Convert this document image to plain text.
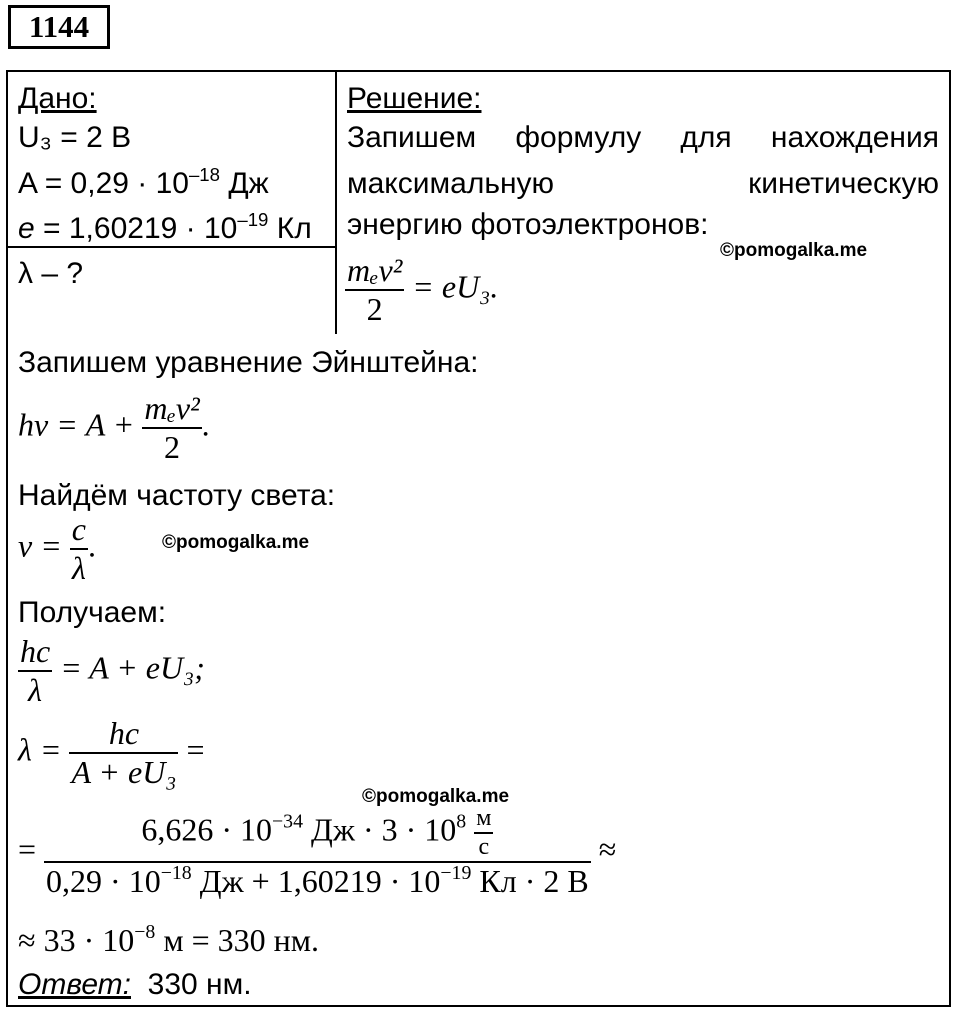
1144
Дано:
U₃ = 2 В
$A = 0,29 \cdot 10^{-18}$ Дж
$e = 1,60219 \cdot 10^{-19}$ Кл
λ – ?
Решение:
Запишем формулу для нахождения
максимальную	кинетическую
энергию фотоэлектронов:
©pomogalka.me
$\frac{\text{mₑv²}}{2} = eU_3$.
Запишем уравнение Эйнштейна:
$h\nu = A + \frac{\text{mₑv²}}{2}$ .
Найдём частоту света:
$\nu = \frac{c}{\lambda}$ .	©pomogalka.me
Получаем:
$\frac{hc}{\lambda} = A + eU_3$;
$\lambda = \frac{hc}{\text{A + eU₃}}$ =
©pomogalka.me
= $\frac{6,626 \cdot 10^{-34} Дж \cdot 3 \cdot 10^8 \frac{м}{с}}{0,29 \cdot 10^{-18} Дж + 1,60219 \cdot 10^{-19} Кл \cdot 2 В}$ ≈
≈ $33 \cdot 10^{-8}$ м = 330 нм.
Ответ: 330 нм.
